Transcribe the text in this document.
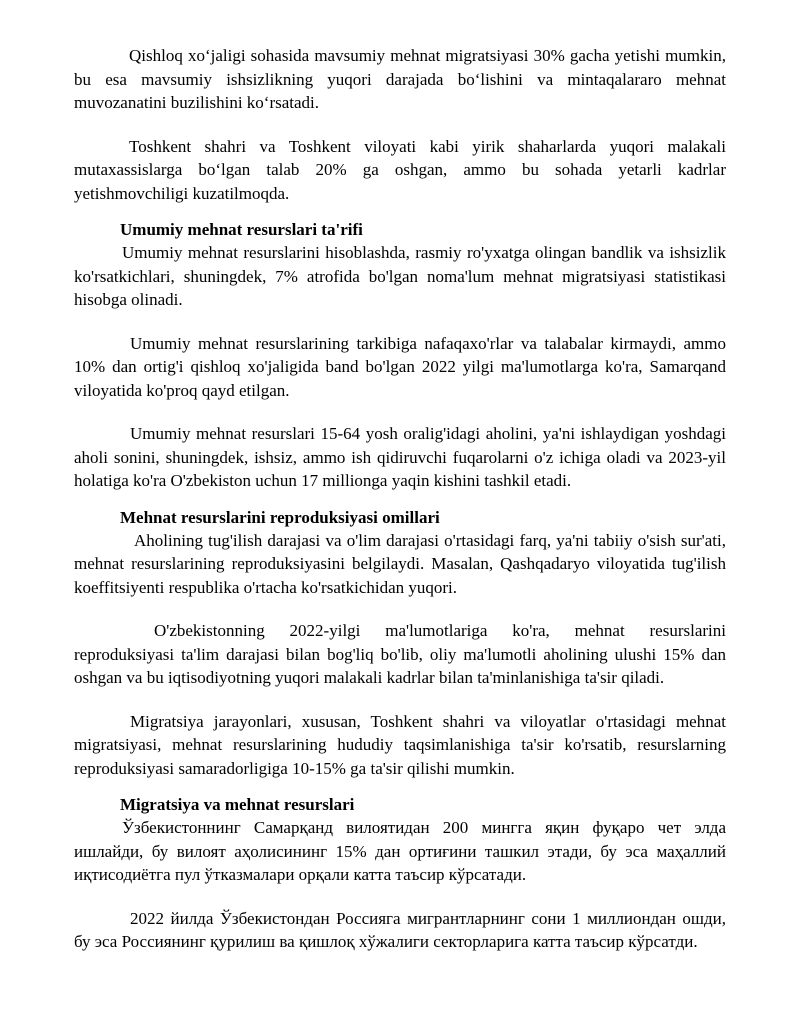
Qishloq xo‘jaligi sohasida mavsumiy mehnat migratsiyasi 30% gacha yetishi mumkin, bu esa mavsumiy ishsizlikning yuqori darajada bo‘lishini va mintaqalararo mehnat muvozanatini buzilishini ko‘rsatadi.

Toshkent shahri va Toshkent viloyati kabi yirik shaharlarda yuqori malakali mutaxassislarga bo‘lgan talab 20% ga oshgan, ammo bu sohada yetarli kadrlar yetishmovchiligi kuzatilmoqda.

Umumiy mehnat resurslari ta'rifi

Umumiy mehnat resurslarini hisoblashda, rasmiy ro'yxatga olingan bandlik va ishsizlik ko'rsatkichlari, shuningdek, 7% atrofida bo'lgan noma'lum mehnat migratsiyasi statistikasi hisobga olinadi.

Umumiy mehnat resurslarining tarkibiga nafaqaxo'rlar va talabalar kirmaydi, ammo 10% dan ortig'i qishloq xo'jaligida band bo'lgan 2022 yilgi ma'lumotlarga ko'ra, Samarqand viloyatida ko'proq qayd etilgan.

Umumiy mehnat resurslari 15-64 yosh oralig'idagi aholini, ya'ni ishlaydigan yoshdagi aholi sonini, shuningdek, ishsiz, ammo ish qidiruvchi fuqarolarni o'z ichiga oladi va 2023-yil holatiga ko'ra O'zbekiston uchun 17 millionga yaqin kishini tashkil etadi.

Mehnat resurslarini reproduksiyasi omillari

Aholining tug'ilish darajasi va o'lim darajasi o'rtasidagi farq, ya'ni tabiiy o'sish sur'ati, mehnat resurslarining reproduksiyasini belgilaydi. Masalan, Qashqadaryo viloyatida tug'ilish koeffitsiyenti respublika o'rtacha ko'rsatkichidan yuqori.

O'zbekistonning 2022-yilgi ma'lumotlariga ko'ra, mehnat resurslarini reproduksiyasi ta'lim darajasi bilan bog'liq bo'lib, oliy ma'lumotli aholining ulushi 15% dan oshgan va bu iqtisodiyotning yuqori malakali kadrlar bilan ta'minlanishiga ta'sir qiladi.

Migratsiya jarayonlari, xususan, Toshkent shahri va viloyatlar o'rtasidagi mehnat migratsiyasi, mehnat resurslarining hududiy taqsimlanishiga ta'sir ko'rsatib, resurslarning reproduksiyasi samaradorligiga 10-15% ga ta'sir qilishi mumkin.

Migratsiya va mehnat resurslari

Ўзбекистоннинг Самарқанд вилоятидан 200 мингга яқин фуқаро чет элда ишлайди, бу вилоят аҳолисининг 15% дан ортиғини ташкил этади, бу эса маҳаллий иқтисодиётга пул ўтказмалари орқали катта таъсир кўрсатади.

2022 йилда Ўзбекистондан Россияга мигрантларнинг сони 1 миллиондан ошди, бу эса Россиянинг қурилиш ва қишлоқ хўжалиги секторларига катта таъсир кўрсатди.
